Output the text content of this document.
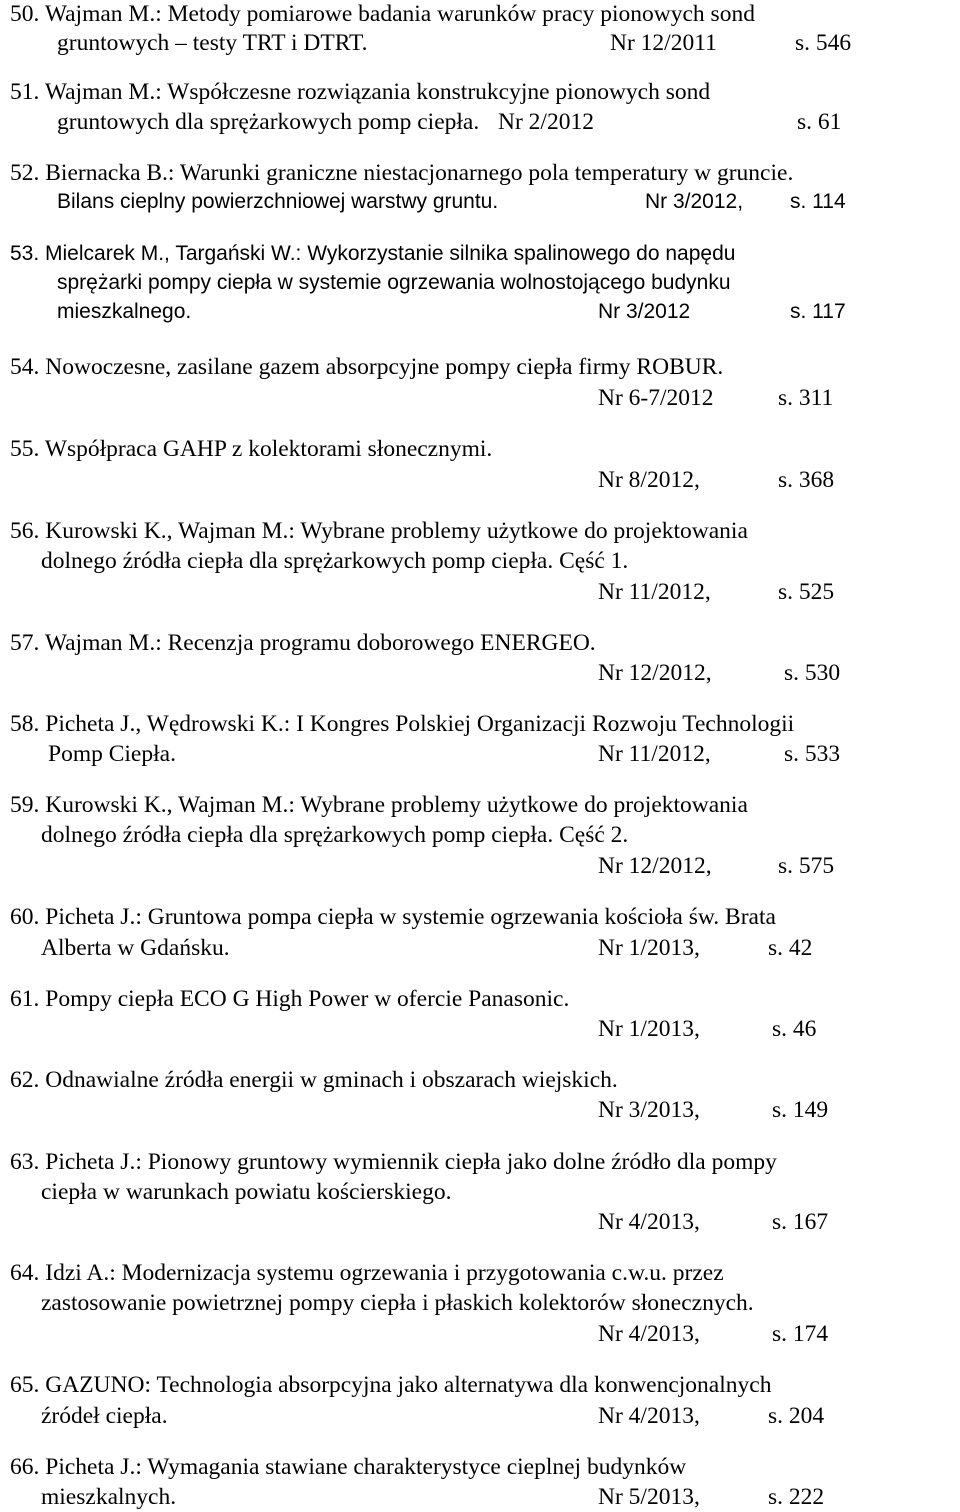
50. Wajman M.: Metody pomiarowe badania warunków pracy pionowych sond
gruntowych – testy TRT i DTRT.	Nr 12/2011	s. 546
51. Wajman M.: Współczesne rozwiązania konstrukcyjne pionowych sond
gruntowych dla sprężarkowych pomp ciepła. Nr 2/2012	s. 61
52. Biernacka B.: Warunki graniczne niestacjonarnego pola temperatury w gruncie.
Bilans cieplny powierzchniowej warstwy gruntu.	Nr 3/2012, s. 114
53. Mielcarek M., Targański W.: Wykorzystanie silnika spalinowego do napędu
sprężarki pompy ciepła w systemie ogrzewania wolnostojącego budynku
mieszkalnego.	Nr 3/2012	s. 117
54. Nowoczesne, zasilane gazem absorpcyjne pompy ciepła firmy ROBUR.
Nr 6-7/2012	s. 311
55. Współpraca GAHP z kolektorami słonecznymi.
Nr 8/2012,	s. 368
56. Kurowski K., Wajman M.: Wybrane problemy użytkowe do projektowania
dolnego źródła ciepła dla sprężarkowych pomp ciepła. Cęść 1.
Nr 11/2012,	s. 525
57. Wajman M.: Recenzja programu doborowego ENERGEO.
Nr 12/2012,	s. 530
58. Picheta J., Wędrowski K.: I Kongres Polskiej Organizacji Rozwoju Technologii
Pomp Ciepła.	Nr 11/2012,	s. 533
59. Kurowski K., Wajman M.: Wybrane problemy użytkowe do projektowania
dolnego źródła ciepła dla sprężarkowych pomp ciepła. Cęść 2.
Nr 12/2012,	s. 575
60. Picheta J.: Gruntowa pompa ciepła w systemie ogrzewania kościoła św. Brata
Alberta w Gdańsku.	Nr 1/2013,	s. 42
61. Pompy ciepła ECO G High Power w ofercie Panasonic.
Nr 1/2013,	s. 46
62. Odnawialne źródła energii w gminach i obszarach wiejskich.
Nr 3/2013,	s. 149
63. Picheta J.: Pionowy gruntowy wymiennik ciepła jako dolne źródło dla pompy
ciepła w warunkach powiatu kościerskiego.
Nr 4/2013,	s. 167
64. Idzi A.: Modernizacja systemu ogrzewania i przygotowania c.w.u. przez
zastosowanie powietrznej pompy ciepła i płaskich kolektorów słonecznych.
Nr 4/2013,	s. 174
65. GAZUNO: Technologia absorpcyjna jako alternatywa dla konwencjonalnych
źródeł ciepła.	Nr 4/2013,	s. 204
66. Picheta J.: Wymagania stawiane charakterystyce cieplnej budynków
mieszkalnych.	Nr 5/2013,	s. 222
